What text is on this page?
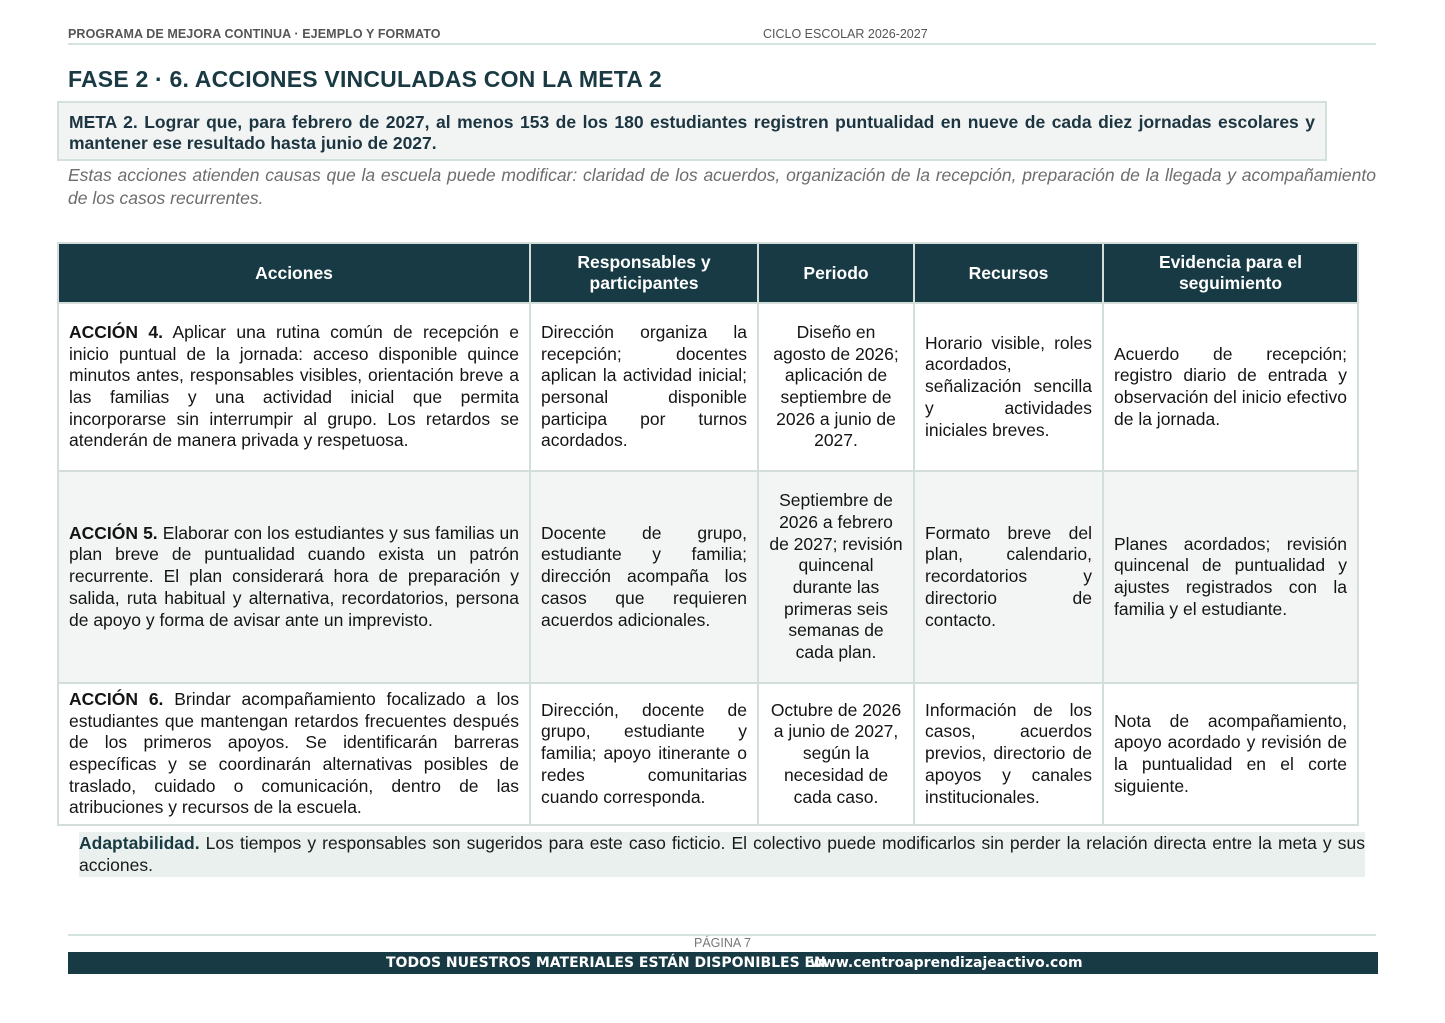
PROGRAMA DE MEJORA CONTINUA · EJEMPLO Y FORMATO	CICLO ESCOLAR 2026-2027
FASE 2 · 6. ACCIONES VINCULADAS CON LA META 2
META 2. Lograr que, para febrero de 2027, al menos 153 de los 180 estudiantes registren puntualidad en nueve de cada diez jornadas escolares y mantener ese resultado hasta junio de 2027.
Estas acciones atienden causas que la escuela puede modificar: claridad de los acuerdos, organización de la recepción, preparación de la llegada y acompañamiento de los casos recurrentes.
Acciones	Responsables y participantes	Periodo	Recursos	Evidencia para el seguimiento
ACCIÓN 4. Aplicar una rutina común de recepción e inicio puntual de la jornada: acceso disponible quince minutos antes, responsables visibles, orientación breve a las familias y una actividad inicial que permita incorporarse sin interrumpir al grupo. Los retardos se atenderán de manera privada y respetuosa.	Dirección organiza la recepción; docentes aplican la actividad inicial; personal disponible participa por turnos acordados.	Diseño en agosto de 2026; aplicación de septiembre de 2026 a junio de 2027.	Horario visible, roles acordados, señalización sencilla y actividades iniciales breves.	Acuerdo de recepción; registro diario de entrada y observación del inicio efectivo de la jornada.
ACCIÓN 5. Elaborar con los estudiantes y sus familias un plan breve de puntualidad cuando exista un patrón recurrente. El plan considerará hora de preparación y salida, ruta habitual y alternativa, recordatorios, persona de apoyo y forma de avisar ante un imprevisto.	Docente de grupo, estudiante y familia; dirección acompaña los casos que requieren acuerdos adicionales.	Septiembre de 2026 a febrero de 2027; revisión quincenal durante las primeras seis semanas de cada plan.	Formato breve del plan, calendario, recordatorios y directorio de contacto.	Planes acordados; revisión quincenal de puntualidad y ajustes registrados con la familia y el estudiante.
ACCIÓN 6. Brindar acompañamiento focalizado a los estudiantes que mantengan retardos frecuentes después de los primeros apoyos. Se identificarán barreras específicas y se coordinarán alternativas posibles de traslado, cuidado o comunicación, dentro de las atribuciones y recursos de la escuela.	Dirección, docente de grupo, estudiante y familia; apoyo itinerante o redes comunitarias cuando corresponda.	Octubre de 2026 a junio de 2027, según la necesidad de cada caso.	Información de los casos, acuerdos previos, directorio de apoyos y canales institucionales.	Nota de acompañamiento, apoyo acordado y revisión de la puntualidad en el corte siguiente.
Adaptabilidad. Los tiempos y responsables son sugeridos para este caso ficticio. El colectivo puede modificarlos sin perder la relación directa entre la meta y sus acciones.
PÁGINA 7
TODOS NUESTROS MATERIALES ESTÁN DISPONIBLES EN
www.centroaprendizajeactivo.com
